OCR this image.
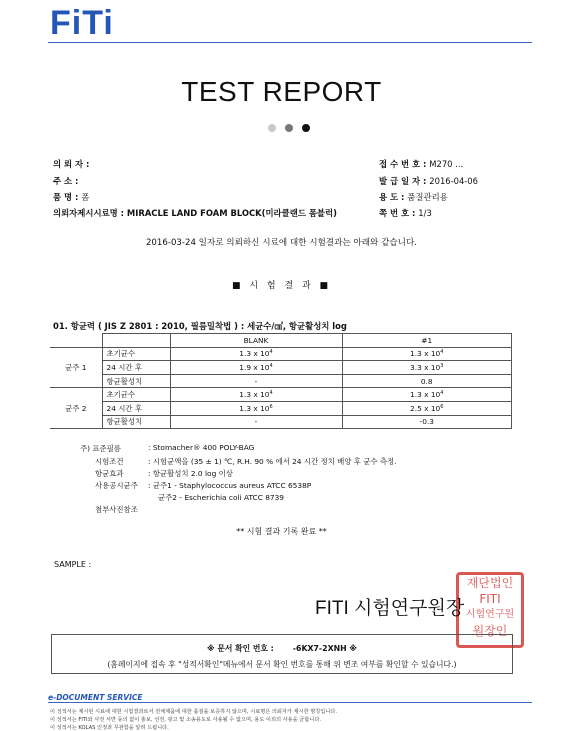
FiTi
TEST REPORT
의 뢰 자 :
주 소 :
품 명 : 폼
의뢰자제시시료명 : MIRACLE LAND FOAM BLOCK(미라클랜드 폼블럭)
접 수 번 호 : M270 ...
발 급 일 자 : 2016-04-06
용 도 : 품질관리용
쪽 번 호 : 1/3
2016-03-24 일자로 의뢰하신 시료에 대한 시험결과는 아래와 같습니다.
■ 시 험 결 과 ■
01. 항균력 ( JIS Z 2801 : 2010, 필름밀착법 ) : 세균수/㎠, 항균활성치 log
		BLANK	#1
균주 1	초기균수	1.3 x $10^4$	1.3 x $10^4$
	24 시간 후	1.9 x $10^4$	3.3 x $10^3$
	항균활성치	-	0.8
균주 2	초기균수	1.3 x $10^4$	1.3 x $10^4$
	24 시간 후	1.3 x $10^6$	2.5 x $10^6$
	항균활성치	-	-0.3
주) 표준필름	: Stomacher® 400 POLY-BAG
시험조건	: 시험균액을 (35 ± 1) ℃, R.H. 90 % 에서 24 시간 정치 배양 후 균수 측정.
항균효과	: 항균활성치 2.0 log 이상
사용공시균주 : 균주1 - Staphylococcus aureus ATCC 6538P
균주2 - Escherichia coli ATCC 8739
첨부사진참조
** 시험 결과 기록 완료 **
SAMPLE :
재단법인
FITI
시험연구원
원장인
FITI 시험연구원장
※ 문서 확인 번호 : -6KX7-2XNH ※
(홈페이지에 접속 후 "성적서확인"메뉴에서 문서 확인 번호를 통해 위 변조 여부를 확인할 수 있습니다.)
e-DOCUMENT SERVICE
이 성적서는 제시된 시료에 대한 시험결과로서 전체제품에 대한 품질을 보증하지 않으며, 시료명은 의뢰자가 제시한 명칭입니다.
이 성적서는 FITI와 사전 서면 동의 없이 홍보, 선전, 광고 및 소송용도로 사용될 수 없으며, 용도 이외의 사용을 금합니다.
이 성적서는 KOLAS 인정과 무관함을 알려 드립니다.
